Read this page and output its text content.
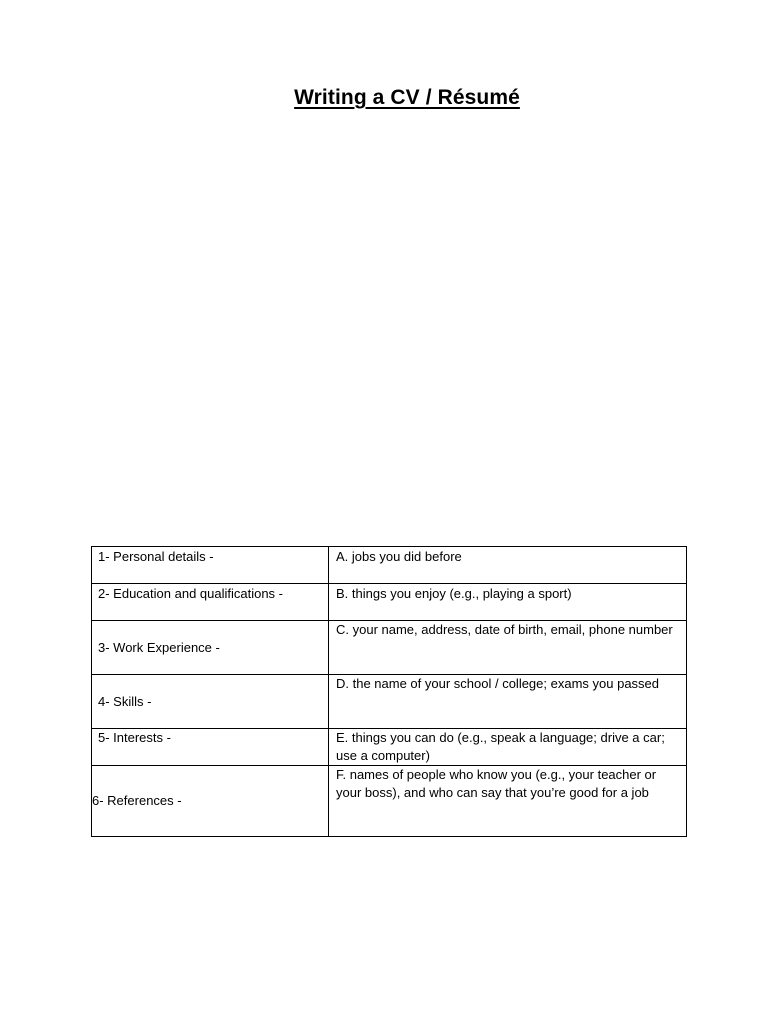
Writing a CV / Résumé
1- Personal details -	A. jobs you did before
2- Education and qualifications -	B. things you enjoy (e.g., playing a sport)
3- Work Experience -	C. your name, address, date of birth, email, phone number
4- Skills -	D. the name of your school / college; exams you passed
5- Interests -	E. things you can do (e.g., speak a language; drive a car; use a computer)
6- References -	F. names of people who know you (e.g., your teacher or your boss), and who can say that you’re good for a job
